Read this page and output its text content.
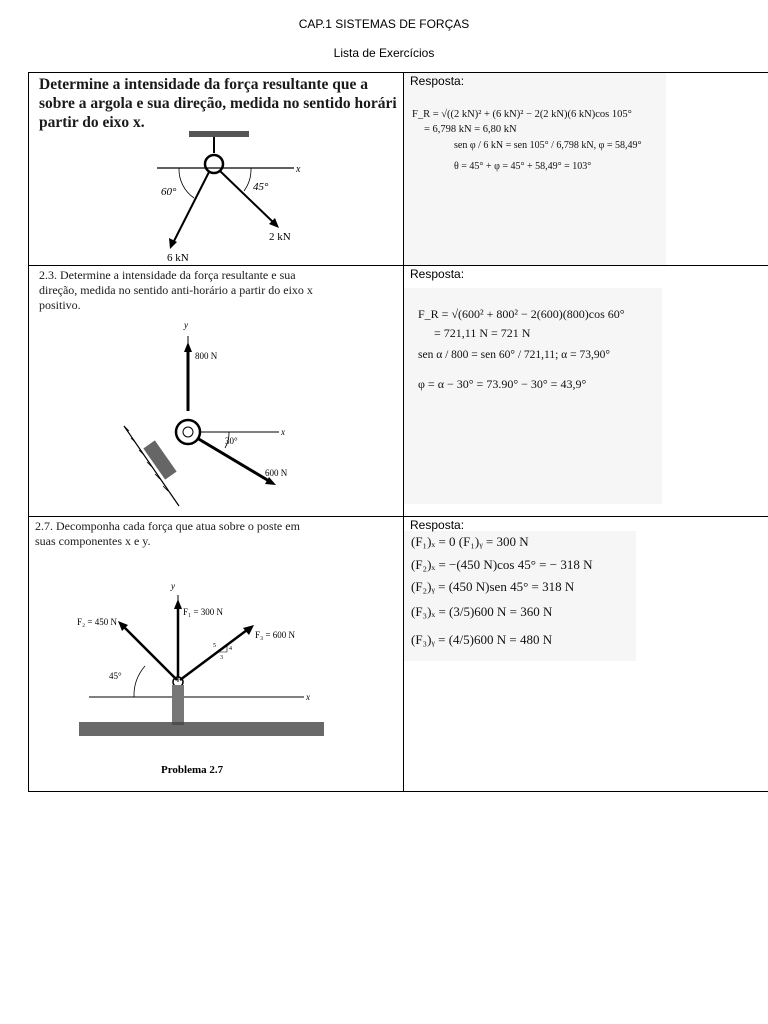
CAP.1 SISTEMAS DE FORÇAS
Lista de Exercícios
Determine a intensidade da força resultante que a
sobre a argola e sua direção, medida no sentido horári
partir do eixo x.
x
60°	45°
6 kN
2 kN
Resposta:
F_R = √((2 kN)² + (6 kN)² − 2(2 kN)(6 kN)cos 105°
= 6,798 kN = 6,80 kN
sen φ / 6 kN = sen 105° / 6,798 kN, φ = 58,49°
θ = 45° + φ = 45° + 58,49° = 103°
2.3. Determine a intensidade da força resultante e sua
direção, medida no sentido anti-horário a partir do eixo x
positivo.
y
800 N
x
600 N
30°
Resposta:
F_R = √(600² + 800² − 2(600)(800)cos 60°
= 721,11 N = 721 N
sen α / 800 = sen 60° / 721,11; α = 73,90°
φ = α − 30° = 73.90° − 30° = 43,9°
2.7. Decomponha cada força que atua sobre o poste em
suas componentes x e y.
y
F₁ = 300 N
F₂ = 450 N
F₃ = 600 N
5 4
3
45°
x
Problema 2.7
Resposta:
(F₁)ₓ = 0 (F₁)ᵧ = 300 N
(F₂)ₓ = −(450 N)cos 45° = − 318 N
(F₂)ᵧ = (450 N)sen 45° = 318 N
(F₃)ₓ = (3/5)600 N = 360 N
(F₃)ᵧ = (4/5)600 N = 480 N
